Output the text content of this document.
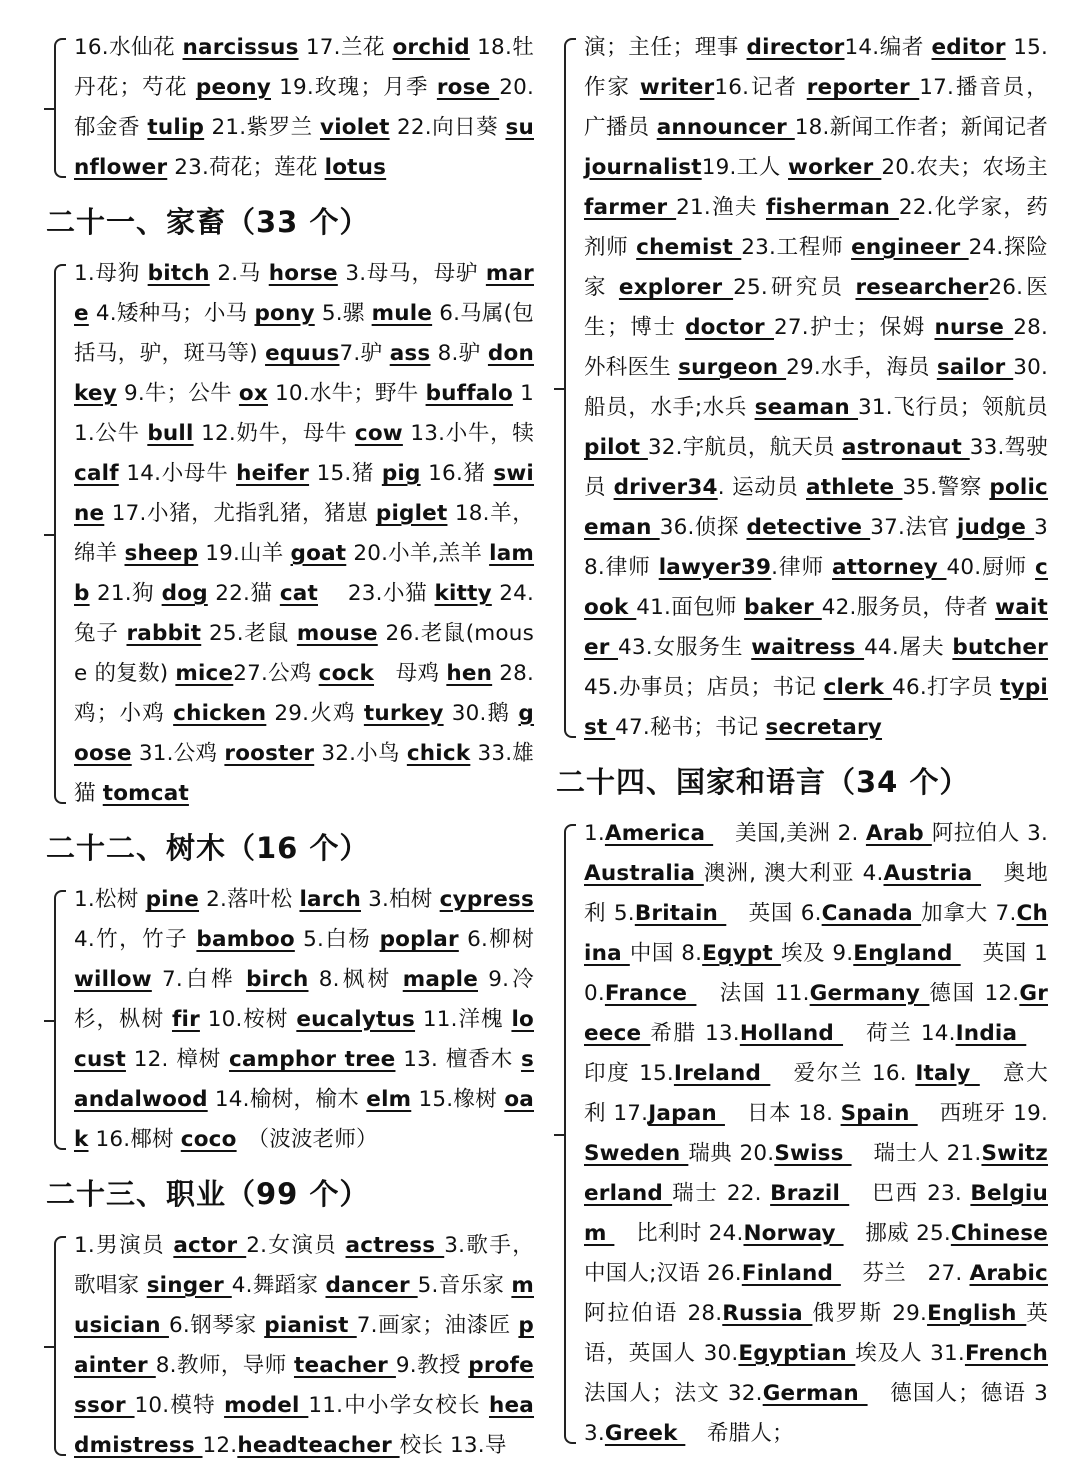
16.水仙花 narcissus 17.兰花 orchid 18.牡丹花；芍花 peony 19.玫瑰；月季 rose 20.郁金香 tulip 21.紫罗兰 violet 22.向日葵 sunflower 23.荷花；莲花 lotus
二十一、家畜（33 个）
1.母狗 bitch 2.马 horse 3.母马，母驴 mare 4.矮种马；小马 pony 5.骡 mule 6.马属(包括马，驴，斑马等) equus7.驴 ass 8.驴 donkey 9.牛；公牛 ox 10.水牛；野牛 buffalo 11.公牛 bull 12.奶牛，母牛 cow 13.小牛，犊 calf 14.小母牛 heifer 15.猪 pig 16.猪 swine 17.小猪，尤指乳猪，猪崽 piglet 18.羊，绵羊 sheep 19.山羊 goat 20.小羊,羔羊 lamb 21.狗 dog 22.猫 cat　 23.小猫 kitty 24.兔子 rabbit 25.老鼠 mouse 26.老鼠(mouse 的复数) mice27.公鸡 cock　母鸡 hen 28.鸡；小鸡 chicken 29.火鸡 turkey 30.鹅 goose 31.公鸡 rooster 32.小鸟 chick 33.雄猫 tomcat
二十二、树木（16 个）
1.松树 pine 2.落叶松 larch 3.柏树 cypress 4.竹，竹子 bamboo 5.白杨 poplar 6.柳树 willow 7.白桦 birch 8.枫树 maple 9.冷杉，枞树 fir 10.桉树 eucalytus 11.洋槐 locust 12. 樟树 camphor tree 13. 檀香木 sandalwood 14.榆树，榆木 elm 15.橡树 oak 16.椰树 coco　（波波老师）
二十三、职业（99 个）
1.男演员 actor 2.女演员 actress 3.歌手，歌唱家 singer 4.舞蹈家 dancer 5.音乐家 musician 6.钢琴家 pianist 7.画家；油漆匠 painter 8.教师，导师 teacher 9.教授 professor 10.模特 model 11.中小学女校长 headmistress 12.headteacher 校长 13.导
演；主任；理事 director14.编者 editor 15.作家 writer16.记者 reporter 17.播音员，广播员 announcer 18.新闻工作者；新闻记者 journalist19.工人 worker 20.农夫；农场主 farmer 21.渔夫 fisherman 22.化学家，药剂师 chemist 23.工程师 engineer 24.探险家 explorer 25.研究员 researcher26.医生；博士 doctor 27.护士；保姆 nurse 28.外科医生 surgeon 29.水手，海员 sailor 30.船员，水手;水兵 seaman 31.飞行员；领航员 pilot 32.宇航员，航天员 astronaut 33.驾驶员 driver34. 运动员 athlete 35.警察 policeman 36.侦探 detective 37.法官 judge 38.律师 lawyer39.律师 attorney 40.厨师 cook 41.面包师 baker 42.服务员，侍者 waiter 43.女服务生 waitress 44.屠夫 butcher 45.办事员；店员；书记 clerk 46.打字员 typist 47.秘书；书记 secretary
二十四、国家和语言（34 个）
1.America 　美国,美洲 2. Arab 阿拉伯人 3.Australia 澳洲, 澳大利亚 4.Austria 　奥地利 5.Britain 　英国 6.Canada 加拿大 7.China 中国 8.Egypt 埃及 9.England 　英国 10.France 　法国 11.Germany 德国 12.Greece 希腊 13.Holland 　荷兰 14.India 　印度 15.Ireland 　爱尔兰 16. Italy 　意大利 17.Japan 　日本 18. Spain 　西班牙 19.Sweden 瑞典 20.Swiss 　瑞士人 21.Switzerland 瑞士 22. Brazil 　巴西 23. Belgium 　比利时 24.Norway 　挪威 25.Chinese 　中国人;汉语 26.Finland 　芬兰　27. Arabic 　阿拉伯语 28.Russia 俄罗斯 29.English 英语，英国人 30.Egyptian 埃及人 31.French 　法国人；法文 32.German 　德国人；德语 33.Greek 　希腊人；
